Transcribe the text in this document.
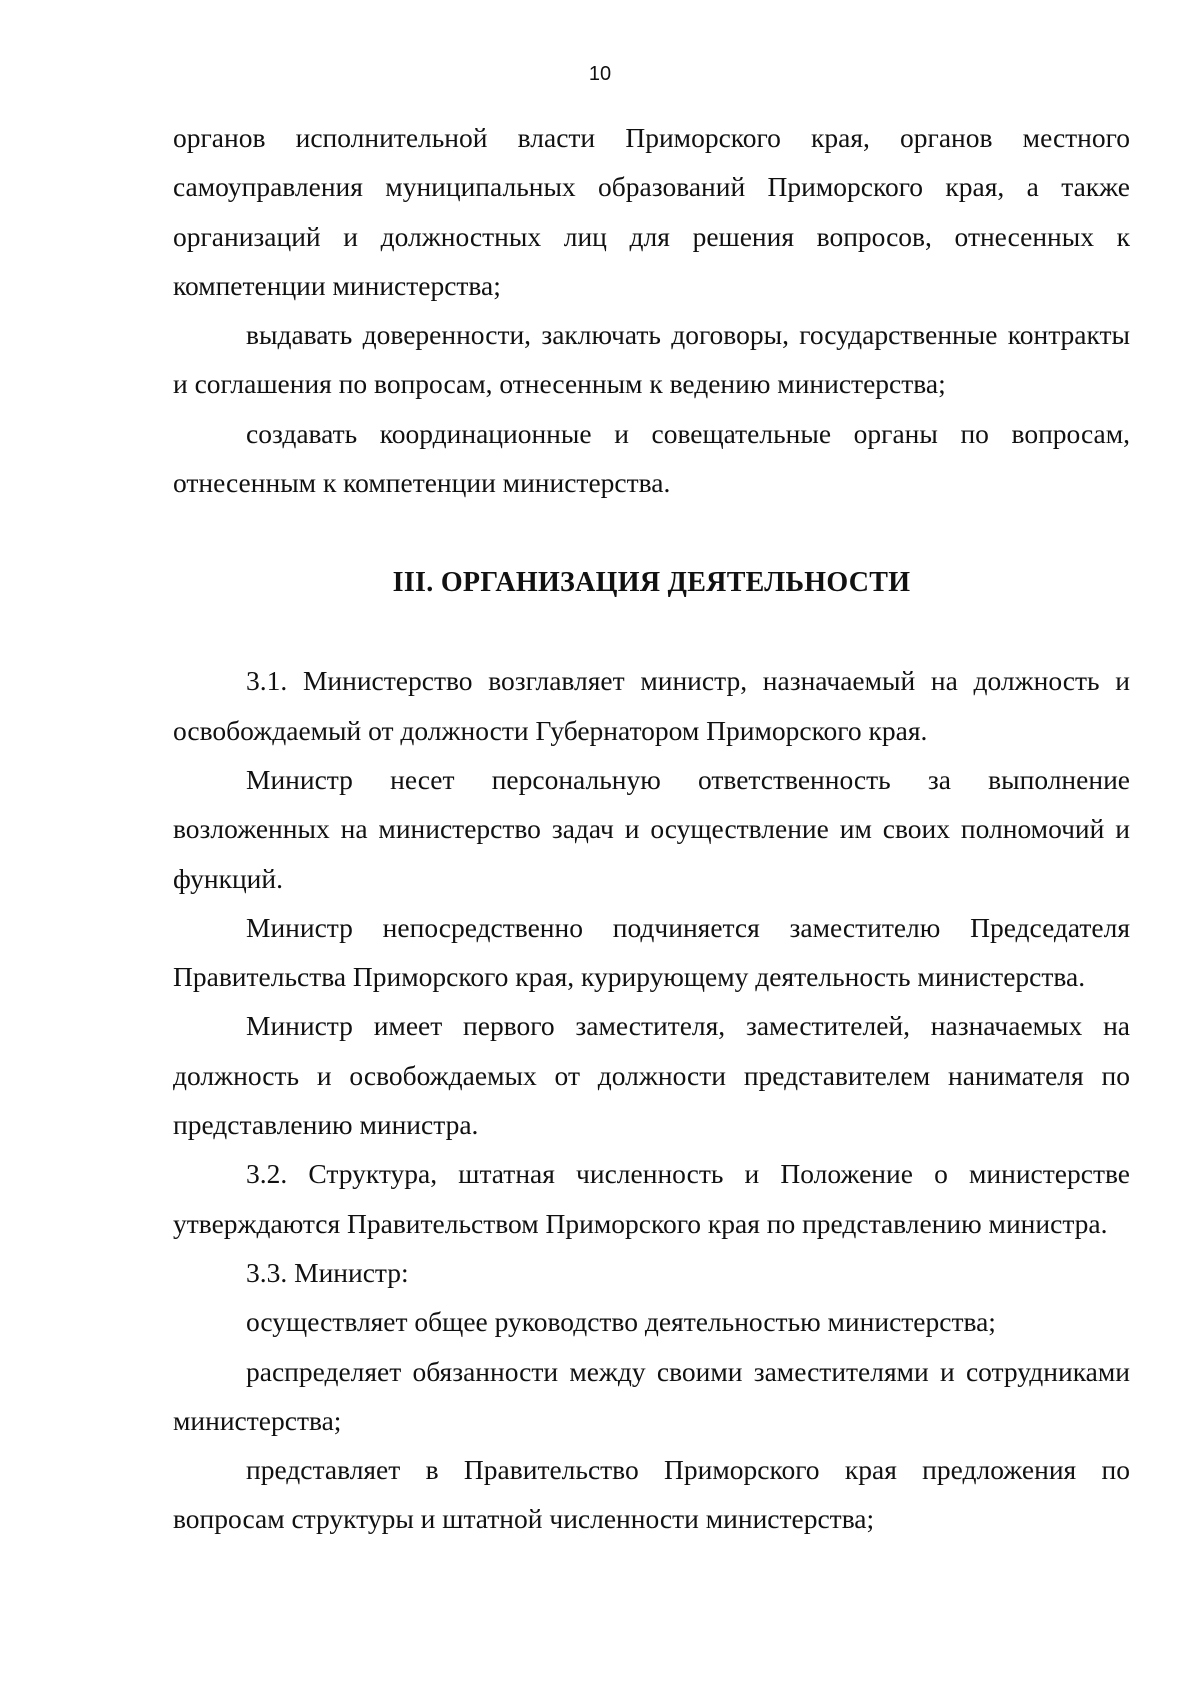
10

органов исполнительной власти Приморского края, органов местного самоуправления муниципальных образований Приморского края, а также организаций и должностных лиц для решения вопросов, отнесенных к компетенции министерства;

выдавать доверенности, заключать договоры, государственные контракты и соглашения по вопросам, отнесенным к ведению министерства;

создавать координационные и совещательные органы по вопросам, отнесенным к компетенции министерства.

III. ОРГАНИЗАЦИЯ ДЕЯТЕЛЬНОСТИ

3.1. Министерство возглавляет министр, назначаемый на должность и освобождаемый от должности Губернатором Приморского края.

Министр несет персональную ответственность за выполнение возложенных на министерство задач и осуществление им своих полномочий и функций.

Министр непосредственно подчиняется заместителю Председателя Правительства Приморского края, курирующему деятельность министерства.

Министр имеет первого заместителя, заместителей, назначаемых на должность и освобождаемых от должности представителем нанимателя по представлению министра.

3.2. Структура, штатная численность и Положение о министерстве утверждаются Правительством Приморского края по представлению министра.

3.3. Министр:

осуществляет общее руководство деятельностью министерства;

распределяет обязанности между своими заместителями и сотрудниками министерства;

представляет в Правительство Приморского края предложения по вопросам структуры и штатной численности министерства;
